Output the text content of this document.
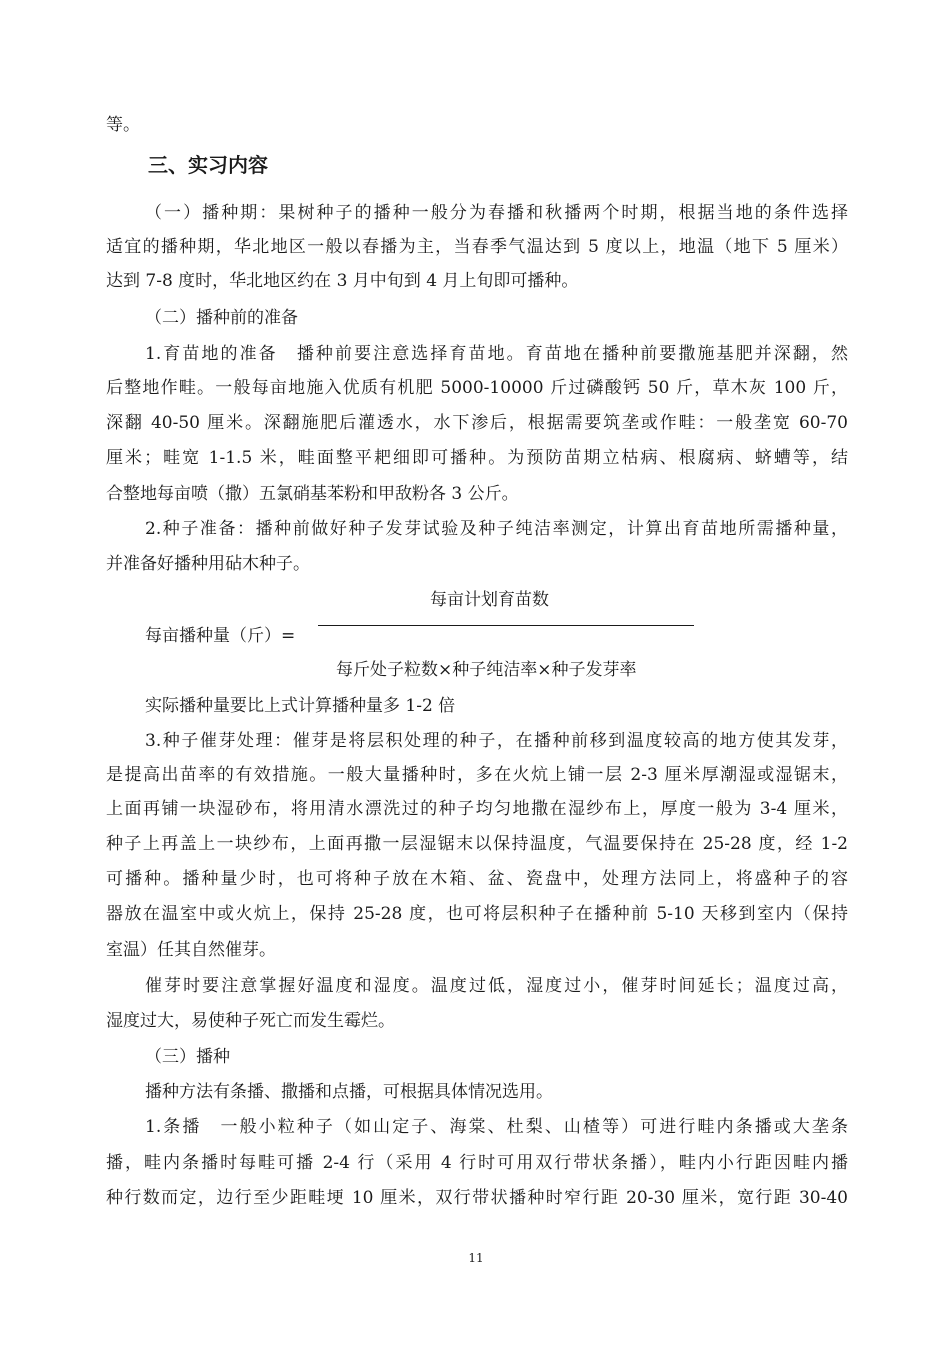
等。
三、实习内容
（一）播种期：果树种子的播种一般分为春播和秋播两个时期，根据当地的条件选择
适宜的播种期，华北地区一般以春播为主，当春季气温达到 5 度以上，地温（地下 5 厘米）
达到 7-8 度时，华北地区约在 3 月中旬到 4 月上旬即可播种。
（二）播种前的准备
1.育苗地的准备　播种前要注意选择育苗地。育苗地在播种前要撒施基肥并深翻，然
后整地作畦。一般每亩地施入优质有机肥 5000-10000 斤过磷酸钙 50 斤，草木灰 100 斤，
深翻 40-50 厘米。深翻施肥后灌透水，水下渗后，根据需要筑垄或作畦：一般垄宽 60-70
厘米；畦宽 1-1.5 米，畦面整平耙细即可播种。为预防苗期立枯病、根腐病、蛴螬等，结
合整地每亩喷（撒）五氯硝基苯粉和甲敌粉各 3 公斤。
2.种子准备：播种前做好种子发芽试验及种子纯洁率测定，计算出育苗地所需播种量，
并准备好播种用砧木种子。
每亩计划育苗数
每亩播种量（斤）=
每斤处子粒数×种子纯洁率×种子发芽率
实际播种量要比上式计算播种量多 1-2 倍
3.种子催芽处理：催芽是将层积处理的种子，在播种前移到温度较高的地方使其发芽，
是提高出苗率的有效措施。一般大量播种时，多在火炕上铺一层 2-3 厘米厚潮湿或湿锯末，
上面再铺一块湿砂布，将用清水漂洗过的种子均匀地撒在湿纱布上，厚度一般为 3-4 厘米，
种子上再盖上一块纱布，上面再撒一层湿锯末以保持温度，气温要保持在 25-28 度，经 1-2
可播种。播种量少时，也可将种子放在木箱、盆、瓷盘中，处理方法同上，将盛种子的容
器放在温室中或火炕上，保持 25-28 度，也可将层积种子在播种前 5-10 天移到室内（保持
室温）任其自然催芽。
催芽时要注意掌握好温度和湿度。温度过低，湿度过小，催芽时间延长；温度过高，
湿度过大，易使种子死亡而发生霉烂。
（三）播种
播种方法有条播、撒播和点播，可根据具体情况选用。
1.条播　一般小粒种子（如山定子、海棠、杜梨、山楂等）可进行畦内条播或大垄条
播，畦内条播时每畦可播 2-4 行（采用 4 行时可用双行带状条播），畦内小行距因畦内播
种行数而定，边行至少距畦埂 10 厘米，双行带状播种时窄行距 20-30 厘米，宽行距 30-40
11
